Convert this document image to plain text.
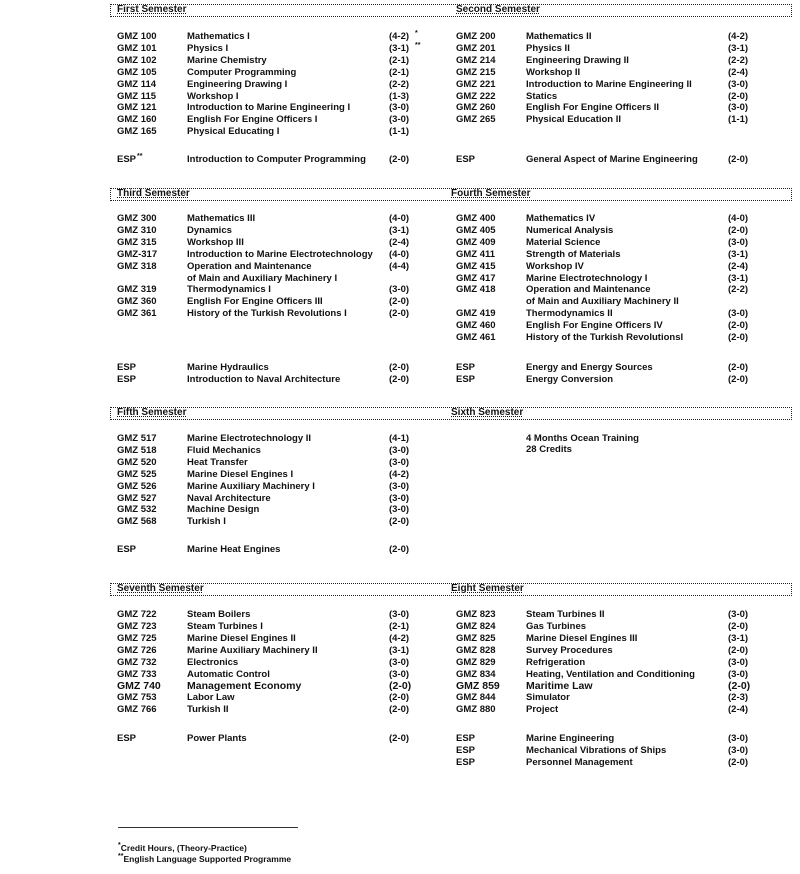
First Semester	Second Semester
Third Semester	Fourth Semester
Fifth Semester	Sixth Semester
Seventh Semester	Eight Semester
GMZ 100	Mathematics I	(4-2) *
GMZ 101	Physics I	(3-1) **
GMZ 102	Marine Chemistry	(2-1)
GMZ 105	Computer Programming	(2-1)
GMZ 114	Engineering Drawing I	(2-2)
GMZ 115	Workshop I	(1-3)
GMZ 121	Introduction to Marine Engineering I	(3-0)
GMZ 160	English For Engine Officers I	(3-0)
GMZ 165	Physical Educating I	(1-1)
ESP **	Introduction to Computer Programming (2-0)
GMZ 200	Mathematics II	(4-2)
GMZ 201	Physics II	(3-1)
GMZ 214	Engineering Drawing II	(2-2)
GMZ 215	Workshop II	(2-4)
GMZ 221	Introduction to Marine Engineering II	(3-0)
GMZ 222	Statics	(2-0)
GMZ 260	English For Engine Officers II	(3-0)
GMZ 265	Physical Education II	(1-1)
ESP	General Aspect of Marine Engineering	(2-0)
GMZ 300	Mathematics III	(4-0)
GMZ 310	Dynamics	(3-1)
GMZ 315	Workshop III	(2-4)
GMZ-317	Introduction to Marine Electrotechnology (4-0)
GMZ 318	Operation and Maintenance	(4-4)
of Main and Auxiliary Machinery I
GMZ 319	Thermodynamics I	(3-0)
GMZ 360	English For Engine Officers III	(2-0)
GMZ 361	History of the Turkish Revolutions I	(2-0)
ESP	Marine Hydraulics	(2-0)
ESP	Introduction to Naval Architecture	(2-0)
GMZ 400	Mathematics IV	(4-0)
GMZ 405	Numerical Analysis	(2-0)
GMZ 409	Material Science	(3-0)
GMZ 411	Strength of Materials	(3-1)
GMZ 415	Workshop IV	(2-4)
GMZ 417	Marine Electrotechnology I	(3-1)
GMZ 418	Operation and Maintenance	(2-2)
of Main and Auxiliary Machinery II
GMZ 419	Thermodynamics II	(3-0)
GMZ 460	English For Engine Officers IV	(2-0)
GMZ 461	History of the Turkish RevolutionsI	(2-0)
ESP	Energy and Energy Sources	(2-0)
ESP	Energy Conversion	(2-0)
GMZ 517	Marine Electrotechnology II	(4-1)
GMZ 518	Fluid Mechanics	(3-0)
GMZ 520	Heat Transfer	(3-0)
GMZ 525	Marine Diesel Engines I	(4-2)
GMZ 526	Marine Auxiliary Machinery I	(3-0)
GMZ 527	Naval Architecture	(3-0)
GMZ 532	Machine Design	(3-0)
GMZ 568	Turkish I	(2-0)
ESP	Marine Heat Engines	(2-0)
GMZ 722	Steam Boilers	(3-0)
GMZ 723	Steam Turbines I	(2-1)
GMZ 725	Marine Diesel Engines II	(4-2)
GMZ 726	Marine Auxiliary Machinery II	(3-1)
GMZ 732	Electronics	(3-0)
GMZ 733	Automatic Control	(3-0)
GMZ 740 Management Economy	(2-0)
GMZ 753	Labor Law	(2-0)
GMZ 766	Turkish II	(2-0)
ESP	Power Plants	(2-0)
GMZ 823	Steam Turbines II	(3-0)
GMZ 824	Gas Turbines	(2-0)
GMZ 825	Marine Diesel Engines III	(3-1)
GMZ 828	Survey Procedures	(2-0)
GMZ 829	Refrigeration	(3-0)
GMZ 834	Heating, Ventilation and Conditioning	(3-0)
GMZ 859 Maritime Law	(2-0)
GMZ 844	Simulator	(2-3)
GMZ 880	Project	(2-4)
ESP	Marine Engineering	(3-0)
ESP	Mechanical Vibrations of Ships	(3-0)
ESP	Personnel Management	(2-0)
4 Months Ocean Training
28 Credits
*Credit Hours, (Theory-Practice)
**English Language Supported Programme
